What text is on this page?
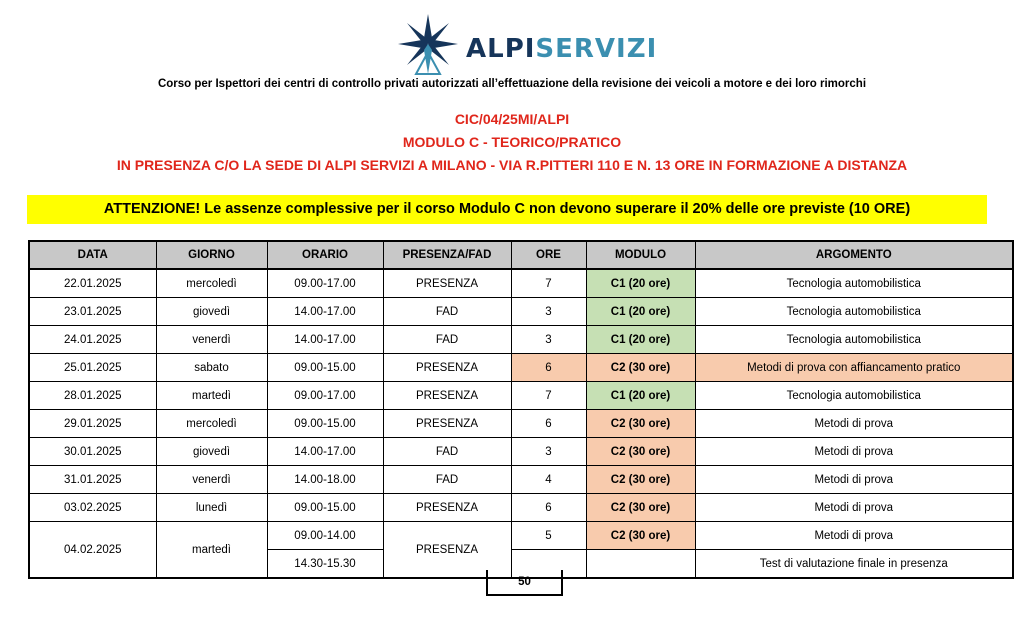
ALPISERVIZI
Corso per Ispettori dei centri di controllo privati autorizzati all’effettuazione della revisione dei veicoli a motore e dei loro rimorchi
CIC/04/25MI/ALPI
MODULO C - TEORICO/PRATICO
IN PRESENZA C/O LA SEDE DI ALPI SERVIZI A MILANO - VIA R.PITTERI 110 E N. 13 ORE IN FORMAZIONE A DISTANZA
ATTENZIONE! Le assenze complessive per il corso Modulo C non devono superare il 20% delle ore previste (10 ORE)
DATA	GIORNO	ORARIO	PRESENZA/FAD	ORE	MODULO	ARGOMENTO
22.01.2025	mercoledì	09.00-17.00	PRESENZA	7	C1 (20 ore)	Tecnologia automobilistica
23.01.2025	giovedì	14.00-17.00	FAD	3	C1 (20 ore)	Tecnologia automobilistica
24.01.2025	venerdì	14.00-17.00	FAD	3	C1 (20 ore)	Tecnologia automobilistica
25.01.2025	sabato	09.00-15.00	PRESENZA	6	C2 (30 ore)	Metodi di prova con affiancamento pratico
28.01.2025	martedì	09.00-17.00	PRESENZA	7	C1 (20 ore)	Tecnologia automobilistica
29.01.2025	mercoledì	09.00-15.00	PRESENZA	6	C2 (30 ore)	Metodi di prova
30.01.2025	giovedì	14.00-17.00	FAD	3	C2 (30 ore)	Metodi di prova
31.01.2025	venerdì	14.00-18.00	FAD	4	C2 (30 ore)	Metodi di prova
03.02.2025	lunedì	09.00-15.00	PRESENZA	6	C2 (30 ore)	Metodi di prova
04.02.2025	martedì	09.00-14.00	PRESENZA	5	C2 (30 ore)	Metodi di prova
		14.30-15.30				Test di valutazione finale in presenza
50
